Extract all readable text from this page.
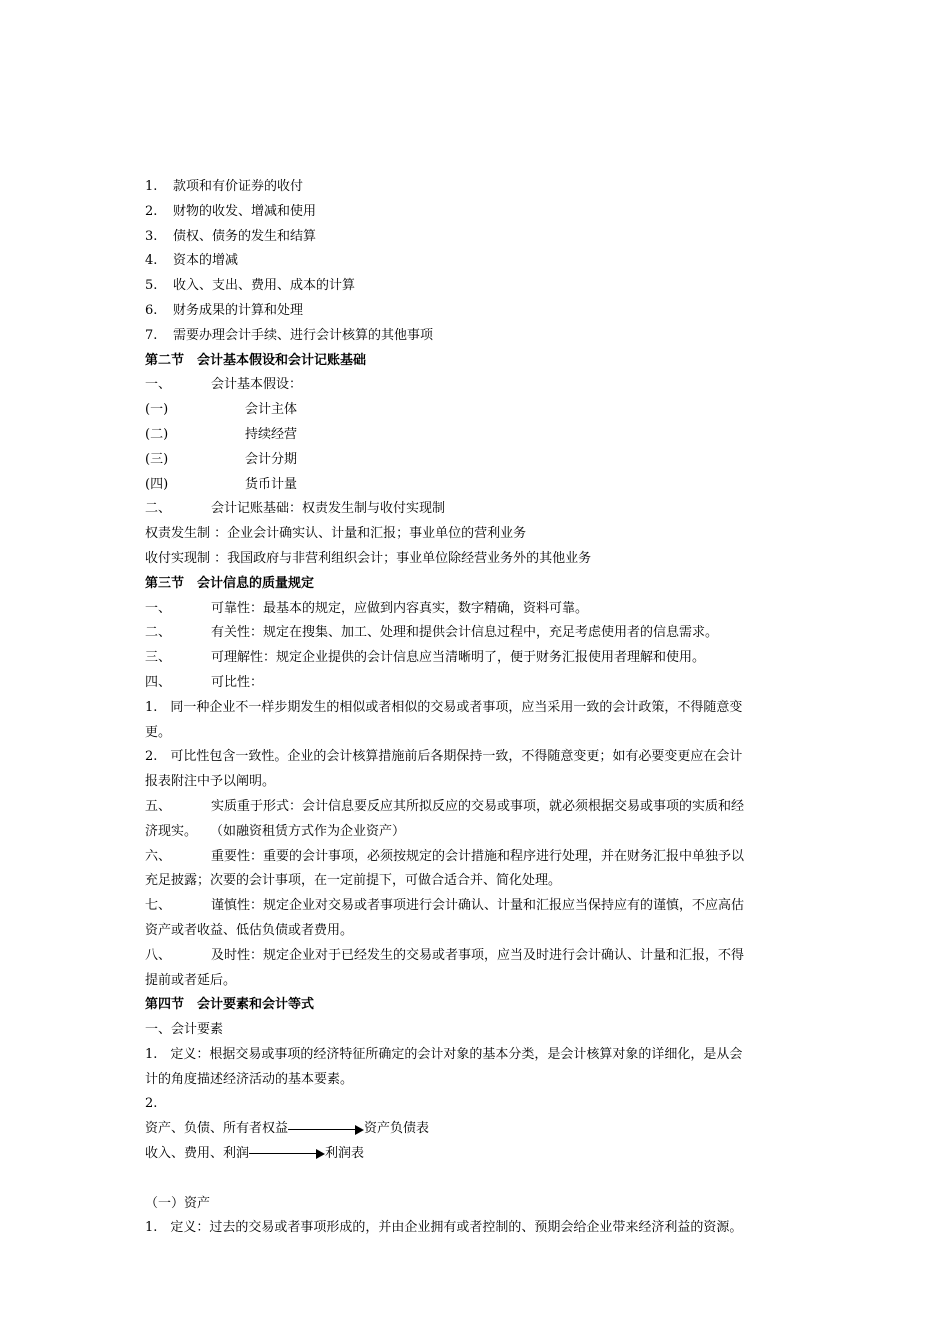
1. 款项和有价证券的收付
2. 财物的收发、增减和使用
3. 债权、债务的发生和结算
4. 资本的增减
5. 收入、支出、费用、成本的计算
6. 财务成果的计算和处理
7. 需要办理会计手续、进行会计核算的其他事项
第二节　会计基本假设和会计记账基础
一、	会计基本假设：
(一)	会计主体
(二)	持续经营
(三)	会计分期
(四)	货币计量
二、	会计记账基础：权责发生制与收付实现制
权责发生制 ：企业会计确实认、计量和汇报；事业单位的营利业务
收付实现制 ：我国政府与非营利组织会计；事业单位除经营业务外的其他业务
第三节　会计信息的质量规定
一、	可靠性：最基本的规定，应做到内容真实，数字精确，资料可靠。
二、	有关性：规定在搜集、加工、处理和提供会计信息过程中，充足考虑使用者的信息需求。
三、	可理解性：规定企业提供的会计信息应当清晰明了，便于财务汇报使用者理解和使用。
四、	可比性：
1.　同一种企业不一样步期发生的相似或者相似的交易或者事项，应当采用一致的会计政策，不得随意变
更。
2.　可比性包含一致性。企业的会计核算措施前后各期保持一致，不得随意变更；如有必要变更应在会计
报表附注中予以阐明。
五、	实质重于形式：会计信息要反应其所拟反应的交易或事项，就必须根据交易或事项的实质和经
济现实。　　（如融资租赁方式作为企业资产）
六、	重要性：重要的会计事项，必须按规定的会计措施和程序进行处理，并在财务汇报中单独予以
充足披露；次要的会计事项，在一定前提下，可做合适合并、简化处理。
七、	谨慎性：规定企业对交易或者事项进行会计确认、计量和汇报应当保持应有的谨慎，不应高估
资产或者收益、低估负债或者费用。
八、	及时性：规定企业对于已经发生的交易或者事项，应当及时进行会计确认、计量和汇报，不得
提前或者延后。
第四节　会计要素和会计等式
一、会计要素
1.　定义：根据交易或事项的经济特征所确定的会计对象的基本分类，是会计核算对象的详细化，是从会
计的角度描述经济活动的基本要素。
2.
资产、负债、所有者权益	资产负债表
收入、费用、利润	利润表
（一）资产
1.　定义：过去的交易或者事项形成的，并由企业拥有或者控制的、预期会给企业带来经济利益的资源。
